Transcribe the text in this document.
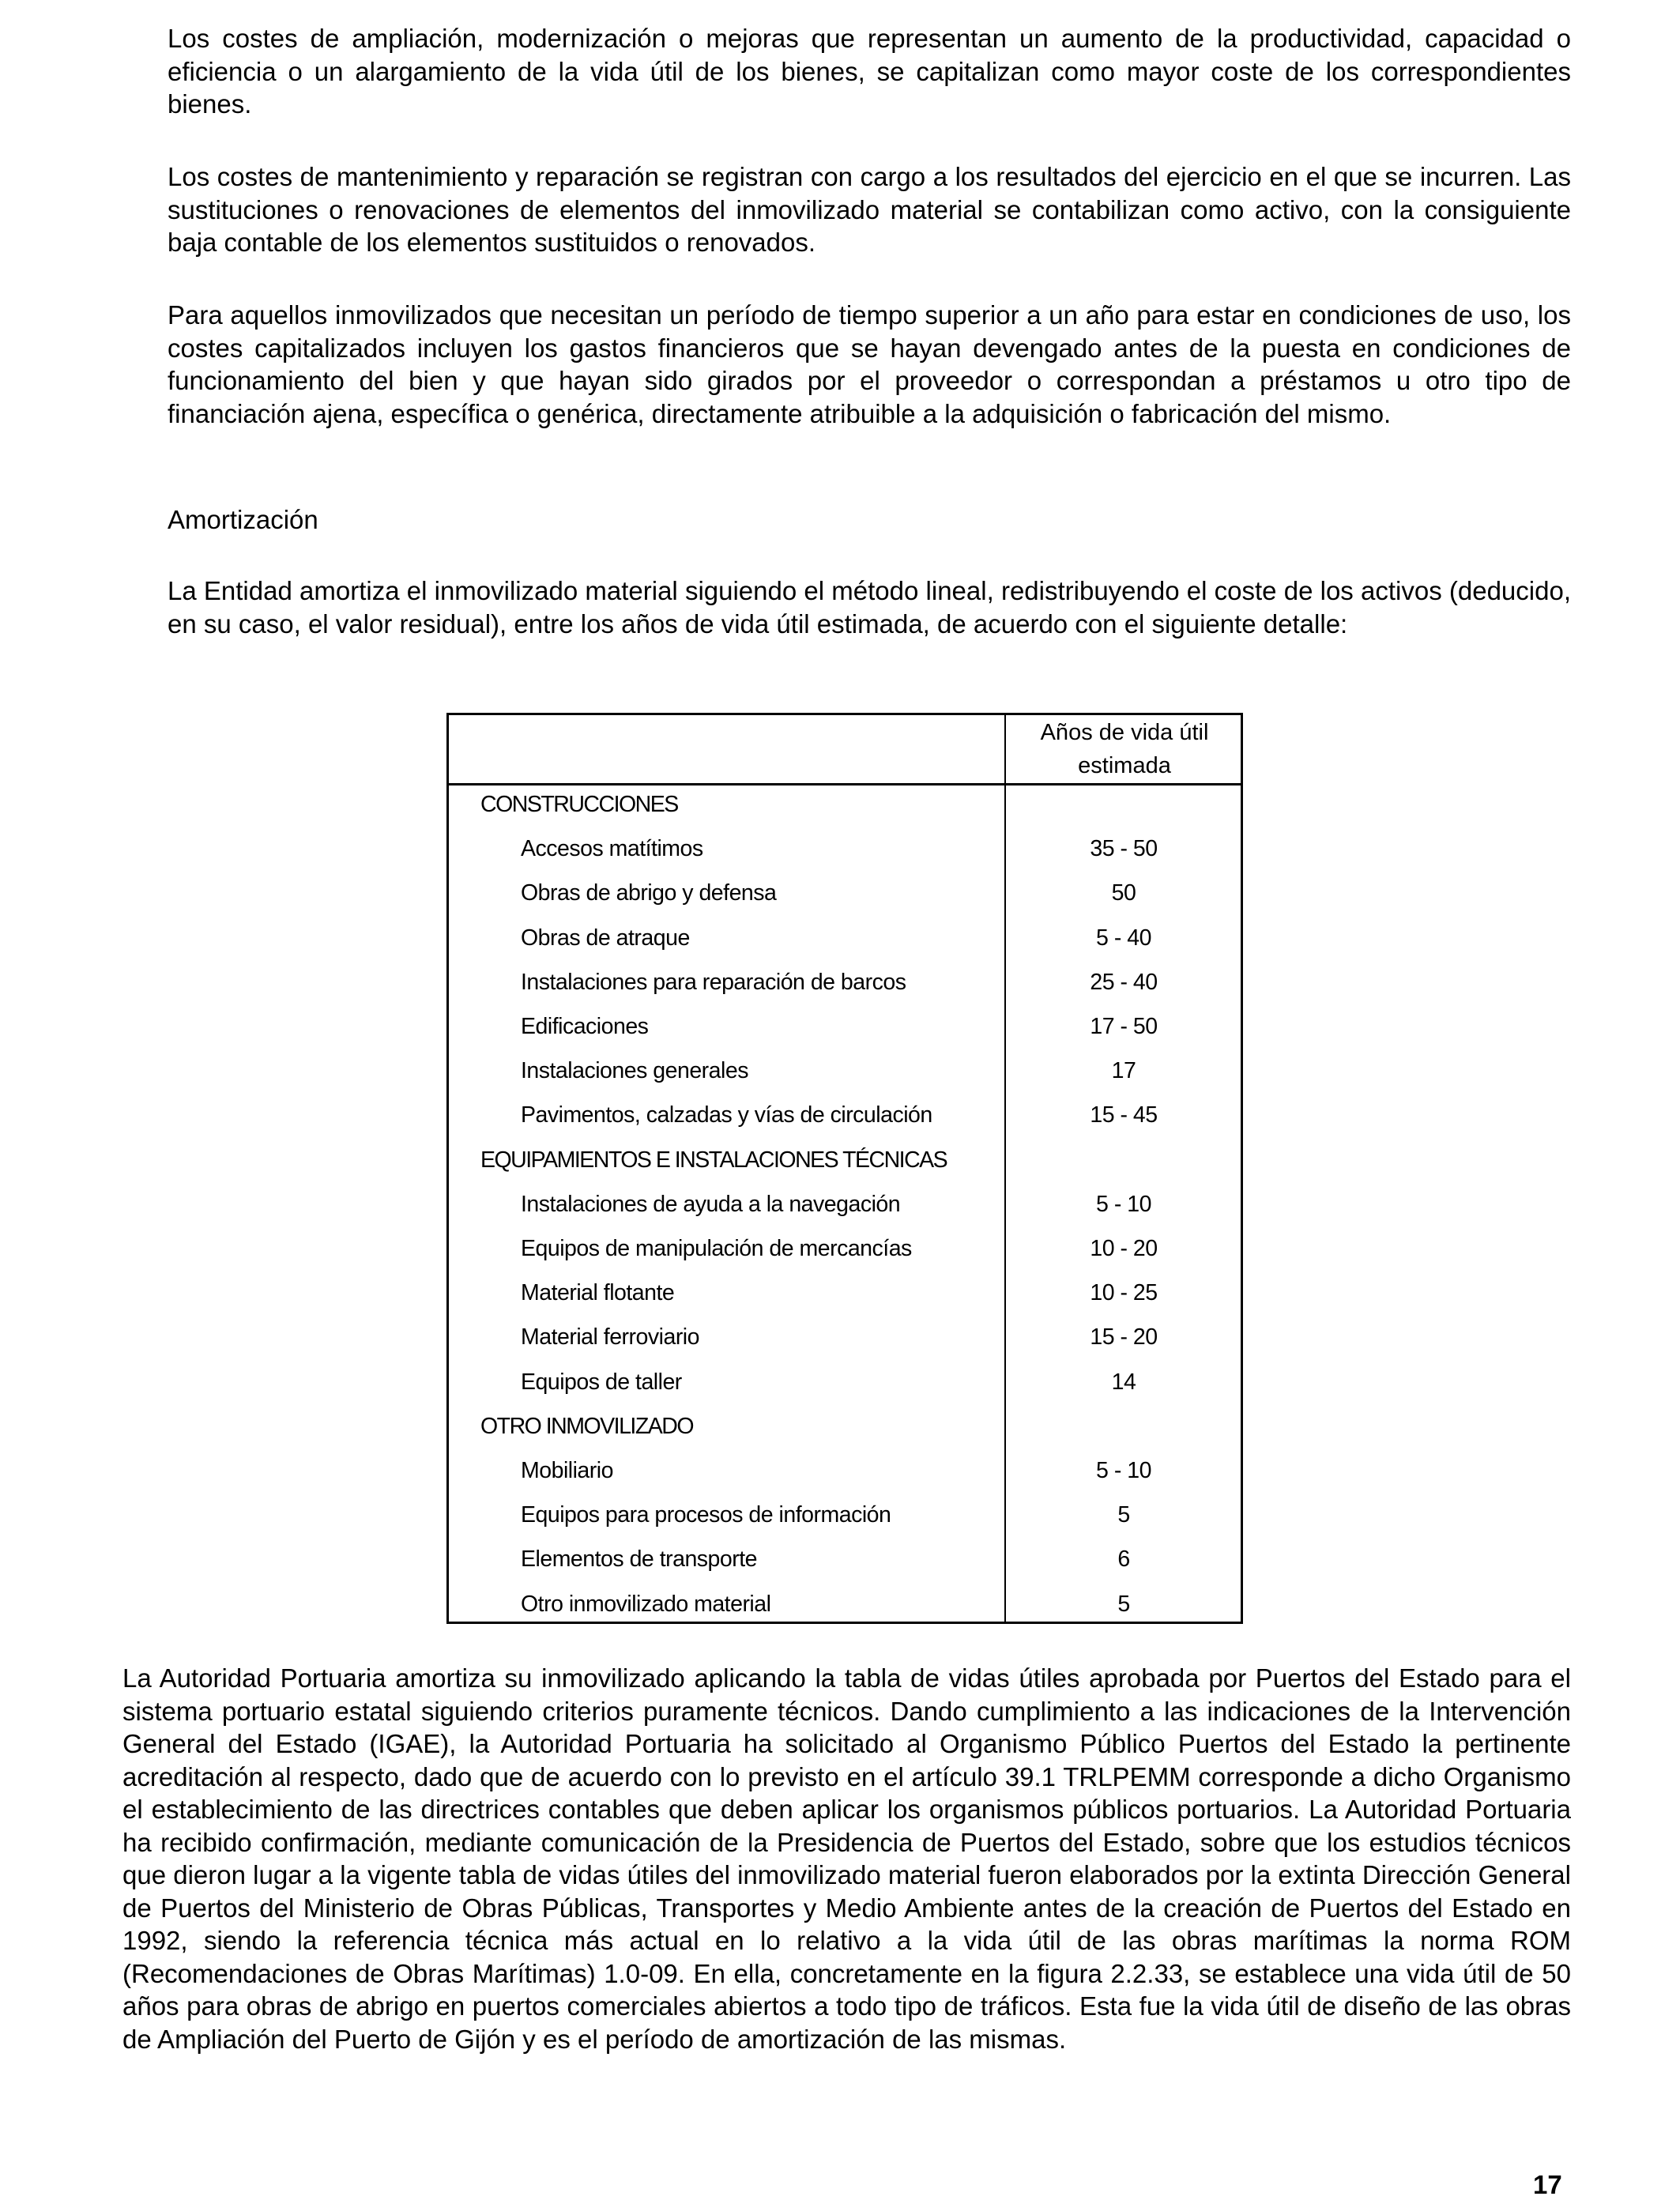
Los costes de ampliación, modernización o mejoras que representan un aumento de la productividad, capacidad o eficiencia o un alargamiento de la vida útil de los bienes, se capitalizan como mayor coste de los correspondientes bienes.

Los costes de mantenimiento y reparación se registran con cargo a los resultados del ejercicio en el que se incurren. Las sustituciones o renovaciones de elementos del inmovilizado material se contabilizan como activo, con la consiguiente baja contable de los elementos sustituidos o renovados.

Para aquellos inmovilizados que necesitan un período de tiempo superior a un año para estar en condiciones de uso, los costes capitalizados incluyen los gastos financieros que se hayan devengado antes de la puesta en condiciones de funcionamiento del bien y que hayan sido girados por el proveedor o correspondan a préstamos u otro tipo de financiación ajena, específica o genérica, directamente atribuible a la adquisición o fabricación del mismo.

Amortización

La Entidad amortiza el inmovilizado material siguiendo el método lineal, redistribuyendo el coste de los activos (deducido, en su caso, el valor residual), entre los años de vida útil estimada, de acuerdo con el siguiente detalle:

Años de vida útil estimada
CONSTRUCCIONES
Accesos matítimos	35 - 50
Obras de abrigo y defensa	50
Obras de atraque	5 - 40
Instalaciones para reparación de barcos	25 - 40
Edificaciones	17 - 50
Instalaciones generales	17
Pavimentos, calzadas y vías de circulación	15 - 45
EQUIPAMIENTOS E INSTALACIONES TÉCNICAS
Instalaciones de ayuda a la navegación	5 - 10
Equipos de manipulación de mercancías	10 - 20
Material flotante	10 - 25
Material ferroviario	15 - 20
Equipos de taller	14
OTRO INMOVILIZADO
Mobiliario	5 - 10
Equipos para procesos de información	5
Elementos de transporte	6
Otro inmovilizado material	5

La Autoridad Portuaria amortiza su inmovilizado aplicando la tabla de vidas útiles aprobada por Puertos del Estado para el sistema portuario estatal siguiendo criterios puramente técnicos. Dando cumplimiento a las indicaciones de la Intervención General del Estado (IGAE), la Autoridad Portuaria ha solicitado al Organismo Público Puertos del Estado la pertinente acreditación al respecto, dado que de acuerdo con lo previsto en el artículo 39.1 TRLPEMM corresponde a dicho Organismo el establecimiento de las directrices contables que deben aplicar los organismos públicos portuarios. La Autoridad Portuaria ha recibido confirmación, mediante comunicación de la Presidencia de Puertos del Estado, sobre que los estudios técnicos que dieron lugar a la vigente tabla de vidas útiles del inmovilizado material fueron elaborados por la extinta Dirección General de Puertos del Ministerio de Obras Públicas, Transportes y Medio Ambiente antes de la creación de Puertos del Estado en 1992, siendo la referencia técnica más actual en lo relativo a la vida útil de las obras marítimas la norma ROM (Recomendaciones de Obras Marítimas) 1.0-09. En ella, concretamente en la figura 2.2.33, se establece una vida útil de 50 años para obras de abrigo en puertos comerciales abiertos a todo tipo de tráficos. Esta fue la vida útil de diseño de las obras de Ampliación del Puerto de Gijón y es el período de amortización de las mismas.

17
